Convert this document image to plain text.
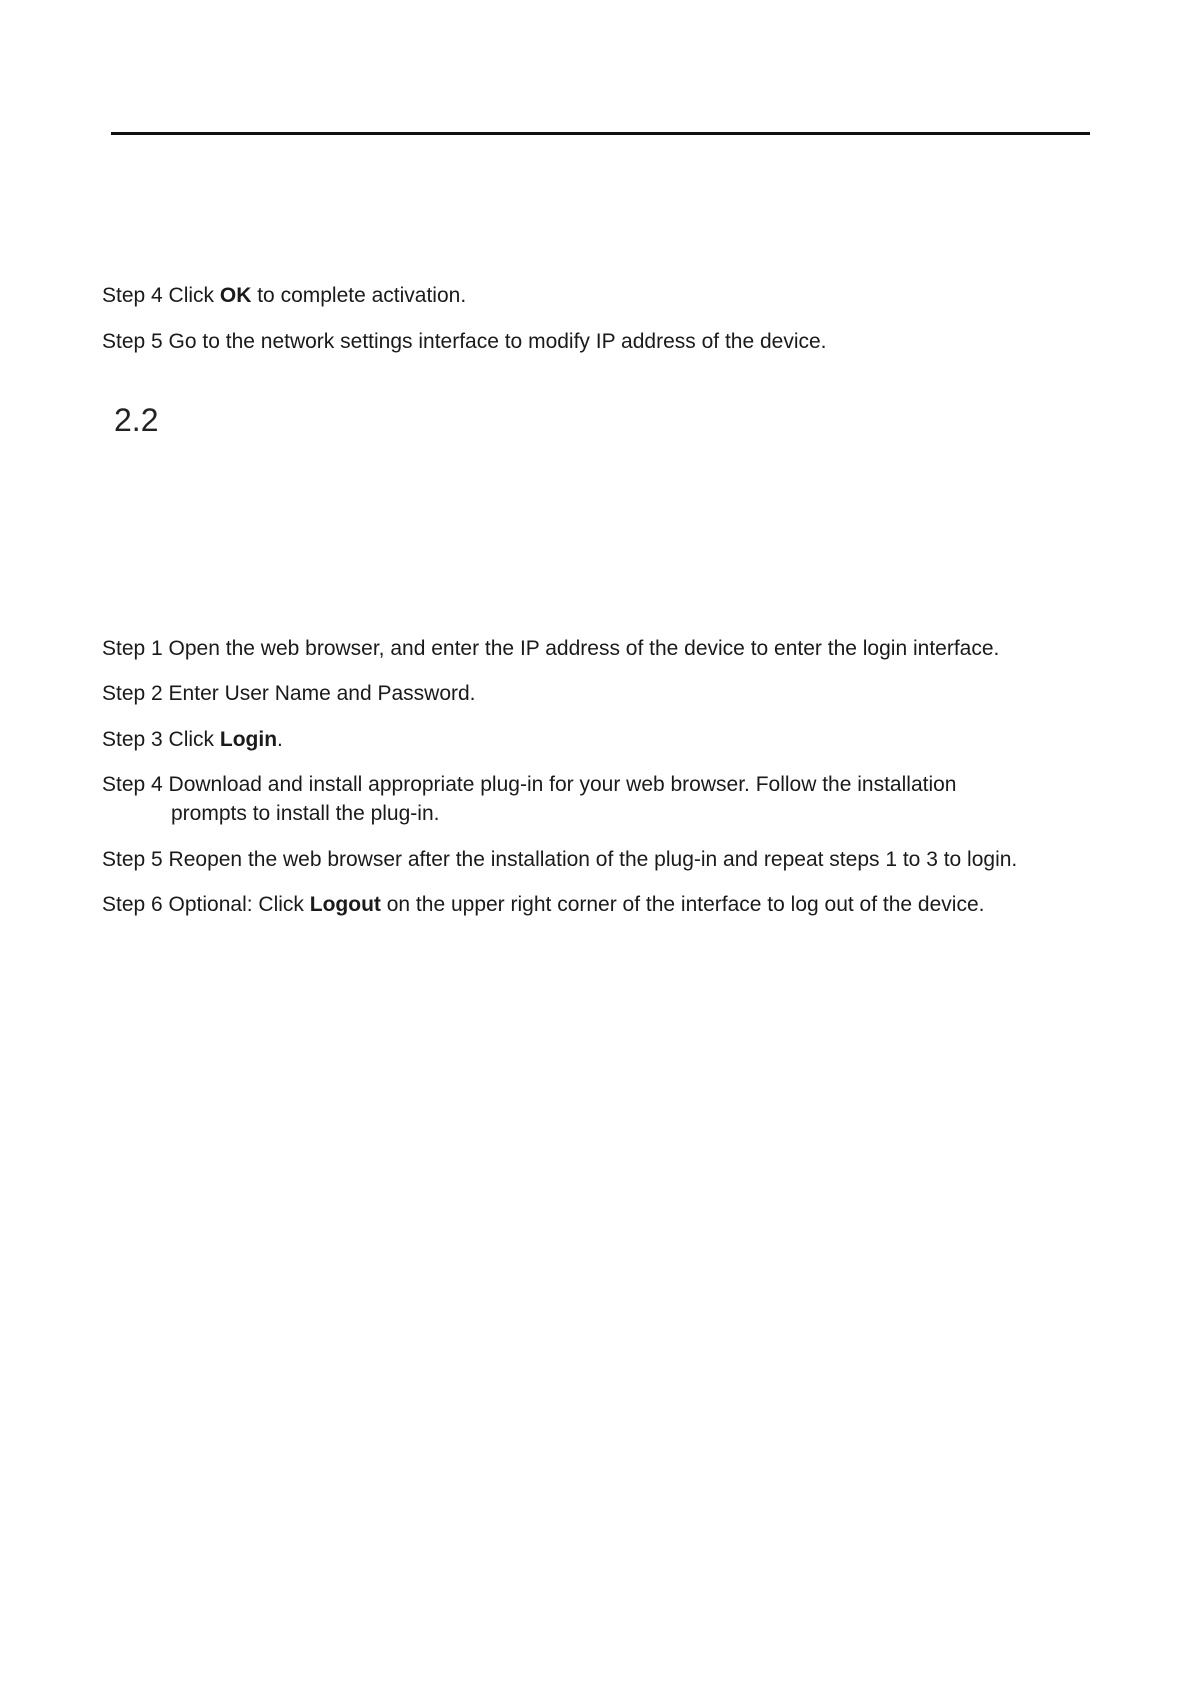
Step 4 Click OK to complete activation.
Step 5 Go to the network settings interface to modify IP address of the device.
2.2
Step 1 Open the web browser, and enter the IP address of the device to enter the login interface.
Step 2 Enter User Name and Password.
Step 3 Click Login.
Step 4 Download and install appropriate plug-in for your web browser. Follow the installation
prompts to install the plug-in.
Step 5 Reopen the web browser after the installation of the plug-in and repeat steps 1 to 3 to login.
Step 6 Optional: Click Logout on the upper right corner of the interface to log out of the device.
